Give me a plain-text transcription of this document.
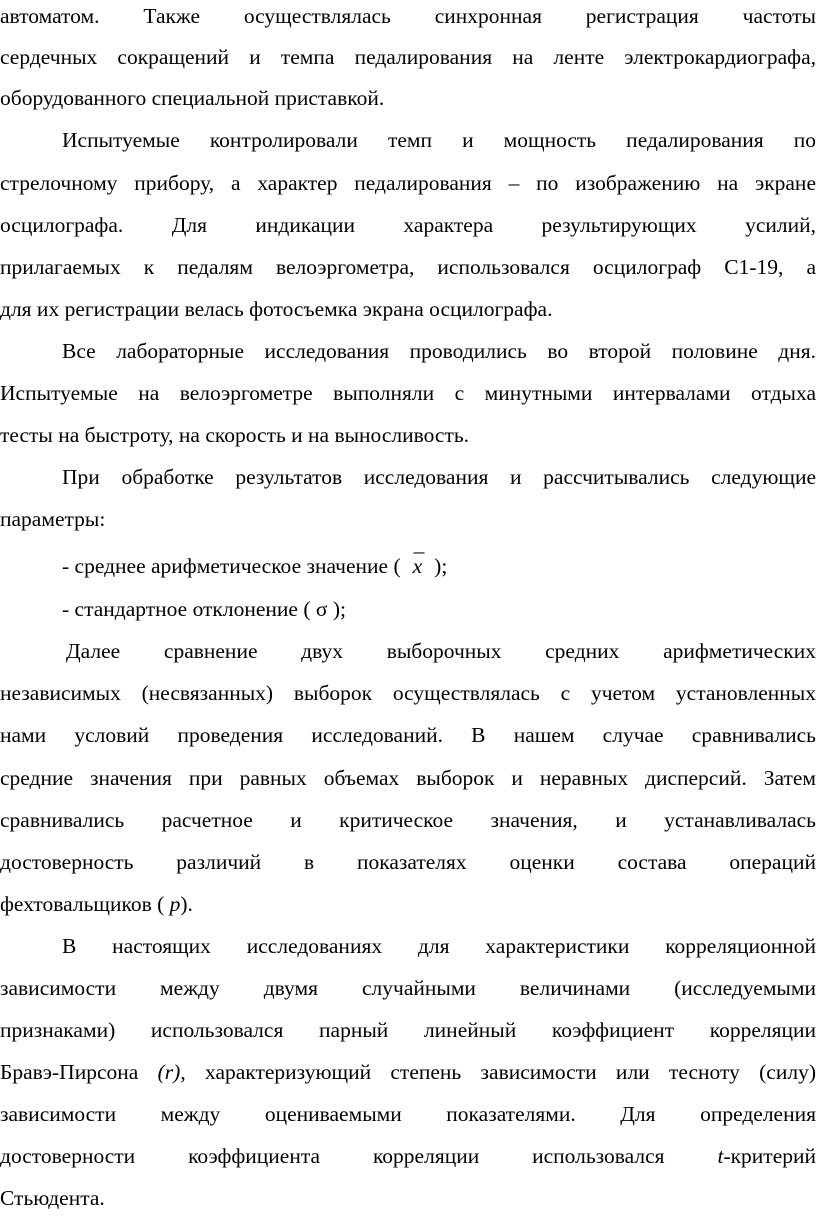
автоматом. Также осуществлялась синхронная регистрация частоты
сердечных сокращений и темпа педалирования на ленте электрокардиографа,
оборудованного специальной приставкой.
Испытуемые контролировали темп и мощность педалирования по
стрелочному прибору, а характер педалирования – по изображению на экране
осцилографа. Для индикации характера результирующих усилий,
прилагаемых к педалям велоэргометра, использовался осцилограф С1-19, а
для их регистрации велась фотосъемка экрана осцилографа.
Все лабораторные исследования проводились во второй половине дня.
Испытуемые на велоэргометре выполняли с минутными интервалами отдыха
тесты на быстроту, на скорость и на выносливость.
При обработке результатов исследования и рассчитывались следующие
параметры:
- среднее арифметическое значение (
_
x );
- стандартное отклонение ( σ );
Далее сравнение двух выборочных средних арифметических
независимых (несвязанных) выборок осуществлялась с учетом установленных
нами условий проведения исследований. В нашем случае сравнивались
средние значения при равных объемах выборок и неравных дисперсий. Затем
сравнивались расчетное и критическое значения, и устанавливалась
достоверность различий в показателях оценки состава операций
фехтовальщиков ( p).
В настоящих исследованиях для характеристики корреляционной
зависимости между двумя случайными величинами (исследуемыми
признаками) использовался парный линейный коэффициент корреляции
Бравэ-Пирсона (r), характеризующий степень зависимости или тесноту (силу)
зависимости между оцениваемыми показателями. Для определения
достоверности коэффициента корреляции использовался t-критерий
Стьюдента.
